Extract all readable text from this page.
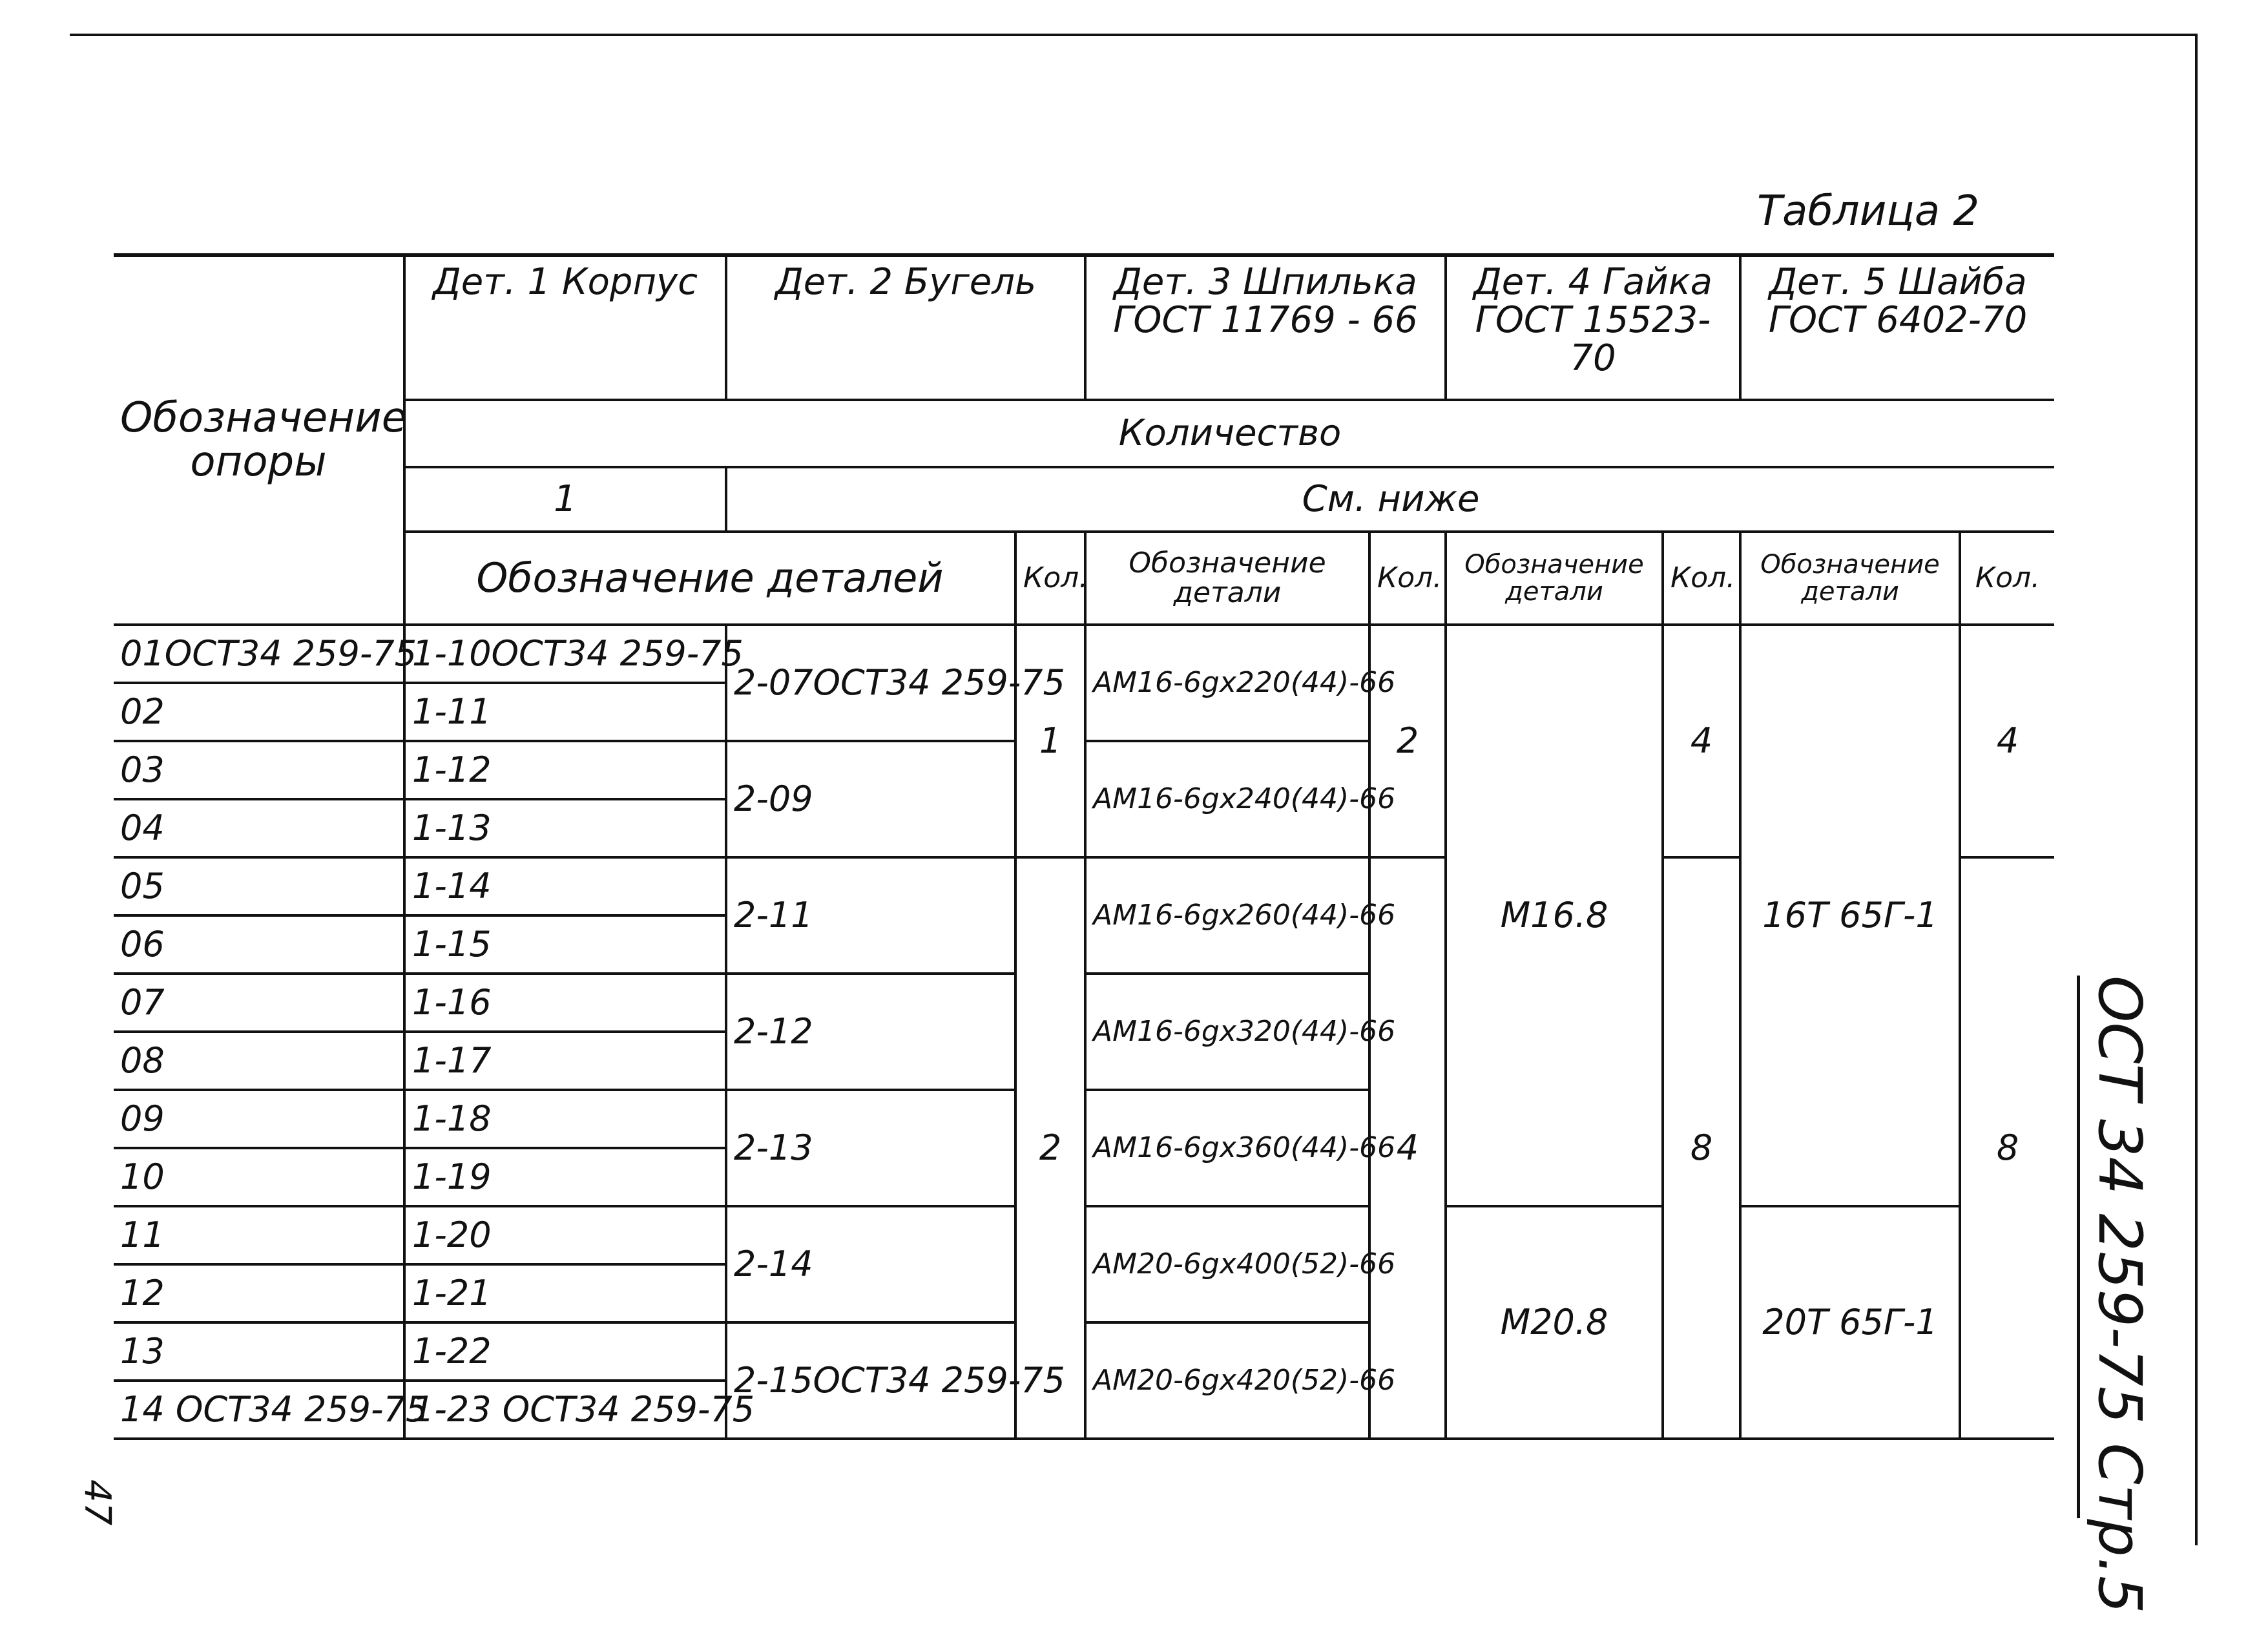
Таблица 2
Обозначение опоры	Дет. 1 Корпус	Дет. 2 Бугель		Дет. 3 Шпилька ГОСТ 11769 - 66		Дет. 4 Гайка ГОСТ 15523-70		Дет. 5 Шайба ГОСТ 6402-70	
	Количество								
	1	См. ниже							
	Обозначение деталей		Кол.	Обозначение детали	Кол.	Обозначение детали	Кол.	Обозначение детали	Кол.
01ОСТ34 259-75	1-10ОСТ34 259-75	2-07ОСТ34 259-75	1	АМ16-6gx220(44)-66	2	М16.8	4	16Т 65Г-1	4
02	1-11								
03	1-12	2-09		АМ16-6gx240(44)-66					
04	1-13								
05	1-14	2-11	2	АМ16-6gx260(44)-66	4		8		8
06	1-15								
07	1-16	2-12		АМ16-6gx320(44)-66					
08	1-17								
09	1-18	2-13		АМ16-6gx360(44)-66					
10	1-19								
11	1-20	2-14		АМ20-6gx400(52)-66		М20.8		20Т 65Г-1	
12	1-21								
13	1-22	2-15ОСТ34 259-75		АМ20-6gx420(52)-66					
14 ОСТ34 259-75	1-23 ОСТ34 259-75									ОСТ 34 259-75 Стр.5
47
